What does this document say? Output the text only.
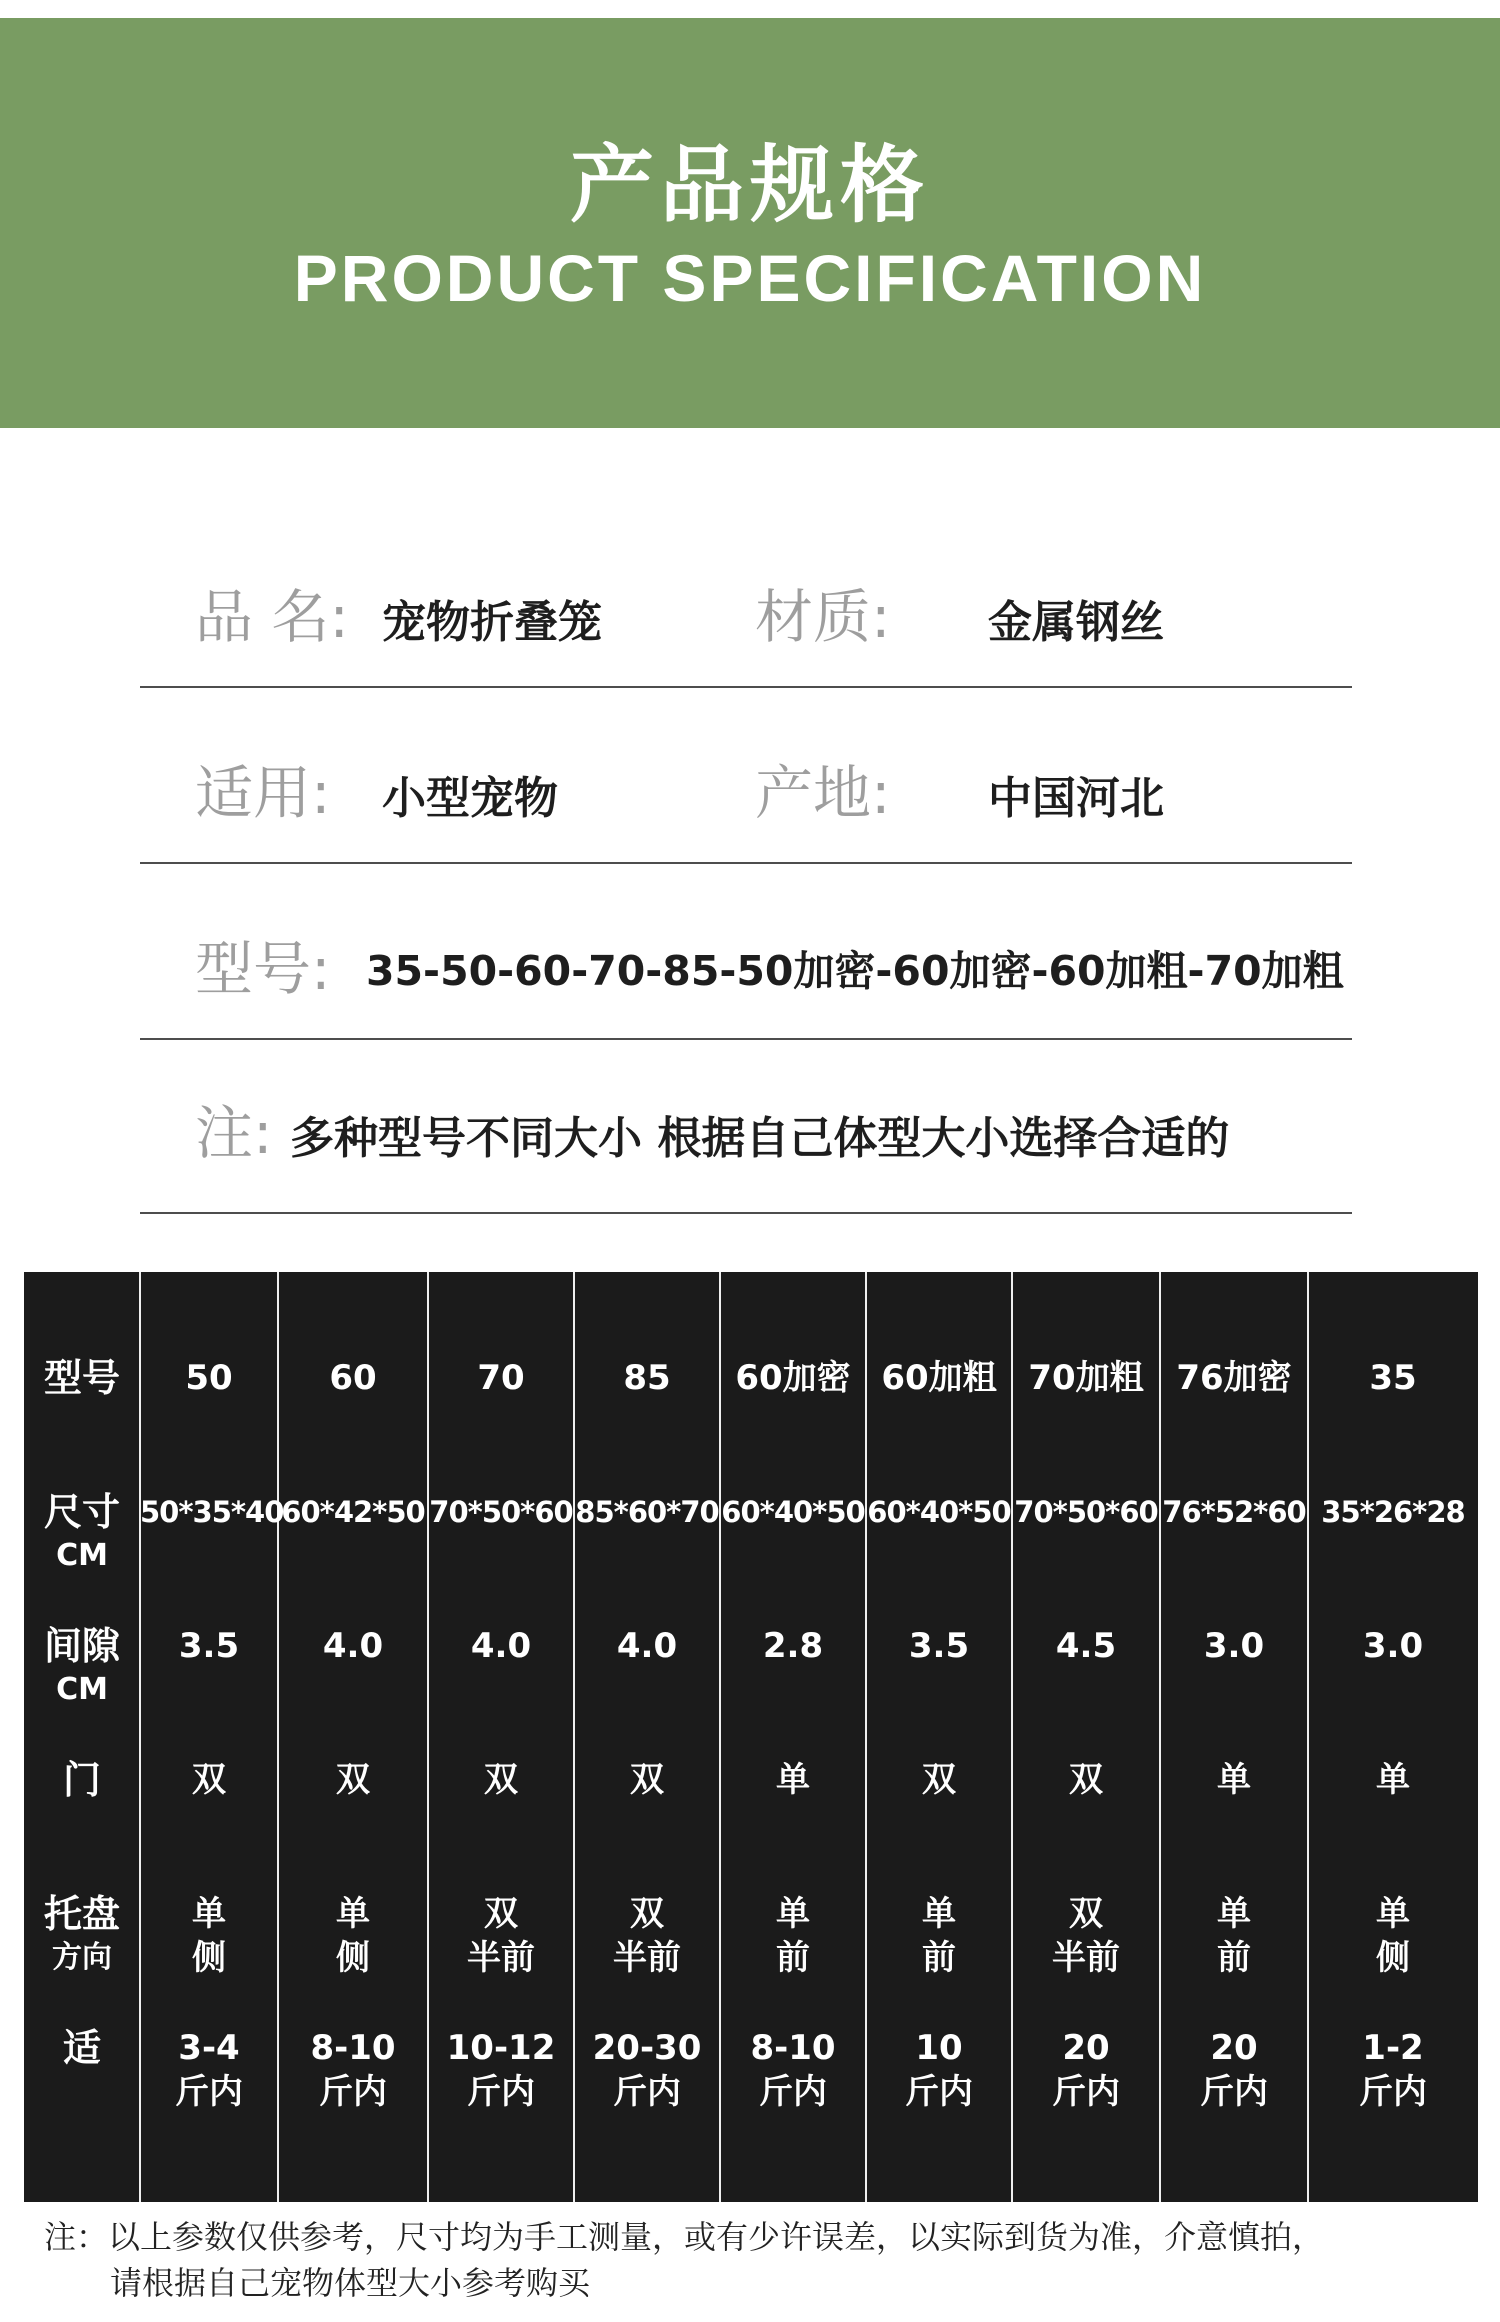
产品规格
PRODUCT SPECIFICATION
品 名: 宠物折叠笼	材质: 金属钢丝
适用: 小型宠物	产地: 中国河北
型号: 35-50-60-70-85-50加密-60加密-60加粗-70加粗
注: 多种型号不同大小 根据自己体型大小选择合适的
型号
尺寸
CM
间隙
CM
门
托盘
方向
适
50
50*35*40
3.5
双
单
侧
3-4
斤内
60
60*42*50
4.0
双
单
侧
8-10
斤内
70
70*50*60
4.0
双
双
半前
10-12
斤内
85
85*60*70
4.0
双
双
半前
20-30
斤内
60加密
60*40*50
2.8
单
单
前
8-10
斤内
60加粗
60*40*50
3.5
双
单
前
10
斤内
70加粗
70*50*60
4.5
双
双
半前
20
斤内
76加密
76*52*60
3.0
单
单
前
20
斤内
35
35*26*28
3.0
单
单
侧
1-2
斤内
注：以上参数仅供参考，尺寸均为手工测量，或有少许误差，以实际到货为准，介意慎拍，
请根据自己宠物体型大小参考购买
